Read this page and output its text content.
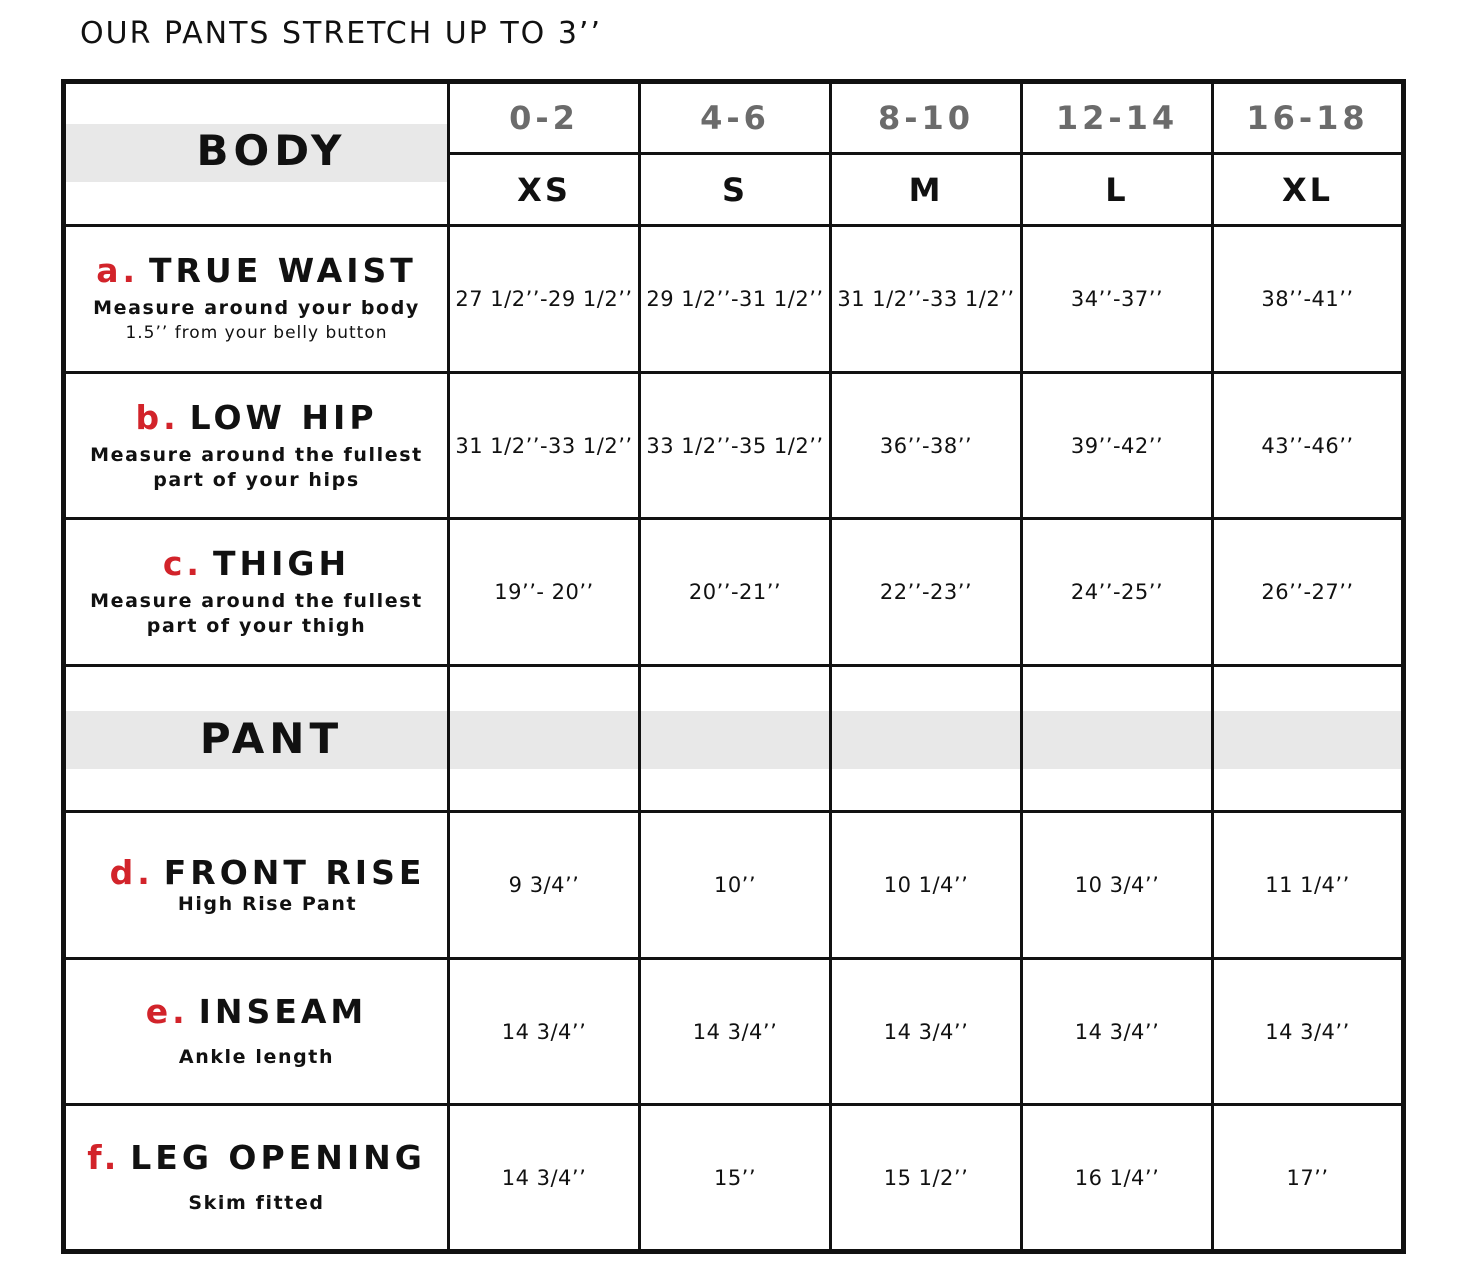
OUR PANTS STRETCH UP TO 3’’
BODY	0-2	4-6	8-10	12-14	16-18
	XS	S	M	L	XL

a. TRUE WAIST
Measure around your body
1.5’’ from your belly button	27 1/2’’-29 1/2’’	29 1/2’’-31 1/2’’	31 1/2’’-33 1/2’’	34’’-37’’	38’’-41’’

b. LOW HIP
Measure around the fullest
part of your hips	31 1/2’’-33 1/2’’	33 1/2’’-35 1/2’’	36’’-38’’	39’’-42’’	43’’-46’’

c. THIGH
Measure around the fullest
part of your thigh	19’’- 20’’	20’’-21’’	22’’-23’’	24’’-25’’	26’’-27’’

PANT					

d. FRONT RISE
High Rise Pant	9 3/4’’	10’’	10 1/4’’	10 3/4’’	11 1/4’’

e. INSEAM
Ankle length	14 3/4’’	14 3/4’’	14 3/4’’	14 3/4’’	14 3/4’’

f. LEG OPENING
Skim fitted	14 3/4’’	15’’	15 1/2’’	16 1/4’’	17’’
